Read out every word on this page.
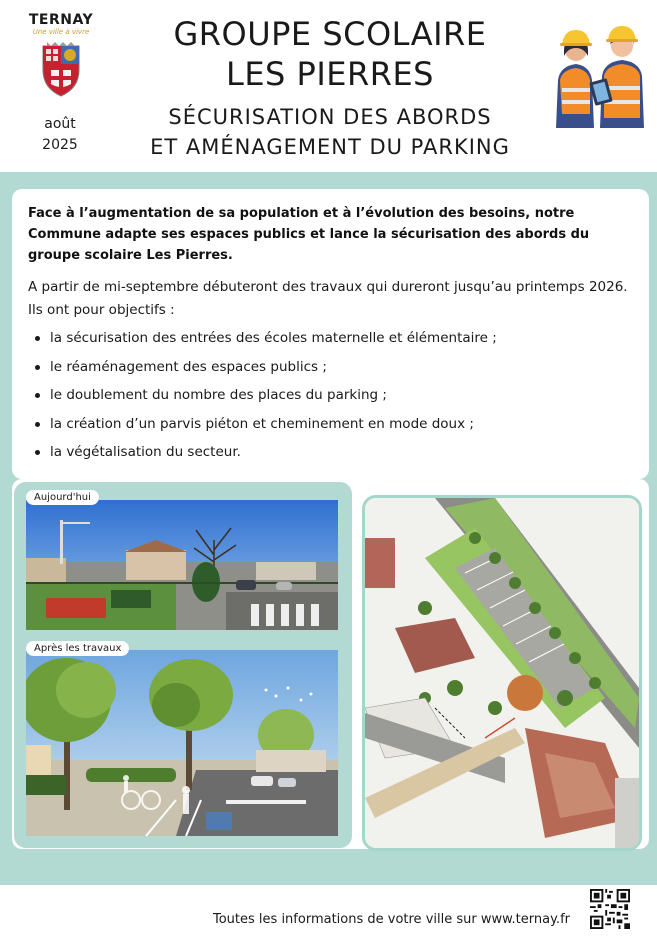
TERNAY
Une ville à vivre
août
2025
GROUPE SCOLAIRE
LES PIERRES
SÉCURISATION DES ABORDS
ET AMÉNAGEMENT DU PARKING

Face à l’augmentation de sa population et à l’évolution des besoins, notre Commune adapte ses espaces publics et lance la sécurisation des abords du groupe scolaire Les Pierres.

A partir de mi-septembre débuteront des travaux qui dureront jusqu’au printemps 2026. Ils ont pour objectifs :

la sécurisation des entrées des écoles maternelle et élémentaire ;
le réaménagement des espaces publics ;
le doublement du nombre des places du parking ;
la création d’un parvis piéton et cheminement en mode doux ;
la végétalisation du secteur.
Aujourd'hui
Après les travaux
Toutes les informations de votre ville sur www.ternay.fr
